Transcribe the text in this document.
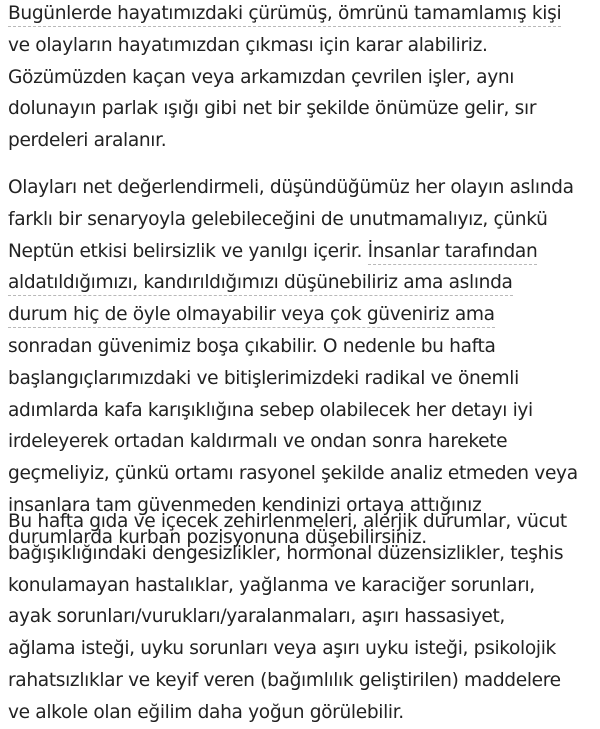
Bugünlerde hayatımızdaki çürümüş, ömrünü tamamlamış kişi
ve olayların hayatımızdan çıkması için karar alabiliriz.
Gözümüzden kaçan veya arkamızdan çevrilen işler, aynı
dolunayın parlak ışığı gibi net bir şekilde önümüze gelir, sır
perdeleri aralanır.
Olayları net değerlendirmeli, düşündüğümüz her olayın aslında
farklı bir senaryoyla gelebileceğini de unutmamalıyız, çünkü
Neptün etkisi belirsizlik ve yanılgı içerir. İnsanlar tarafından
aldatıldığımızı, kandırıldığımızı düşünebiliriz ama aslında
durum hiç de öyle olmayabilir veya çok güveniriz ama
sonradan güvenimiz boşa çıkabilir. O nedenle bu hafta
başlangıçlarımızdaki ve bitişlerimizdeki radikal ve önemli
adımlarda kafa karışıklığına sebep olabilecek her detayı iyi
irdeleyerek ortadan kaldırmalı ve ondan sonra harekete
geçmeliyiz, çünkü ortamı rasyonel şekilde analiz etmeden veya
insanlara tam güvenmeden kendinizi ortaya attığınız
durumlarda kurban pozisyonuna düşebilirsiniz.
Bu hafta gıda ve içecek zehirlenmeleri, alerjik durumlar, vücut
bağışıklığındaki dengesizlikler, hormonal düzensizlikler, teşhis
konulamayan hastalıklar, yağlanma ve karaciğer sorunları,
ayak sorunları/vurukları/yaralanmaları, aşırı hassasiyet,
ağlama isteği, uyku sorunları veya aşırı uyku isteği, psikolojik
rahatsızlıklar ve keyif veren (bağımlılık geliştirilen) maddelere
ve alkole olan eğilim daha yoğun görülebilir.
